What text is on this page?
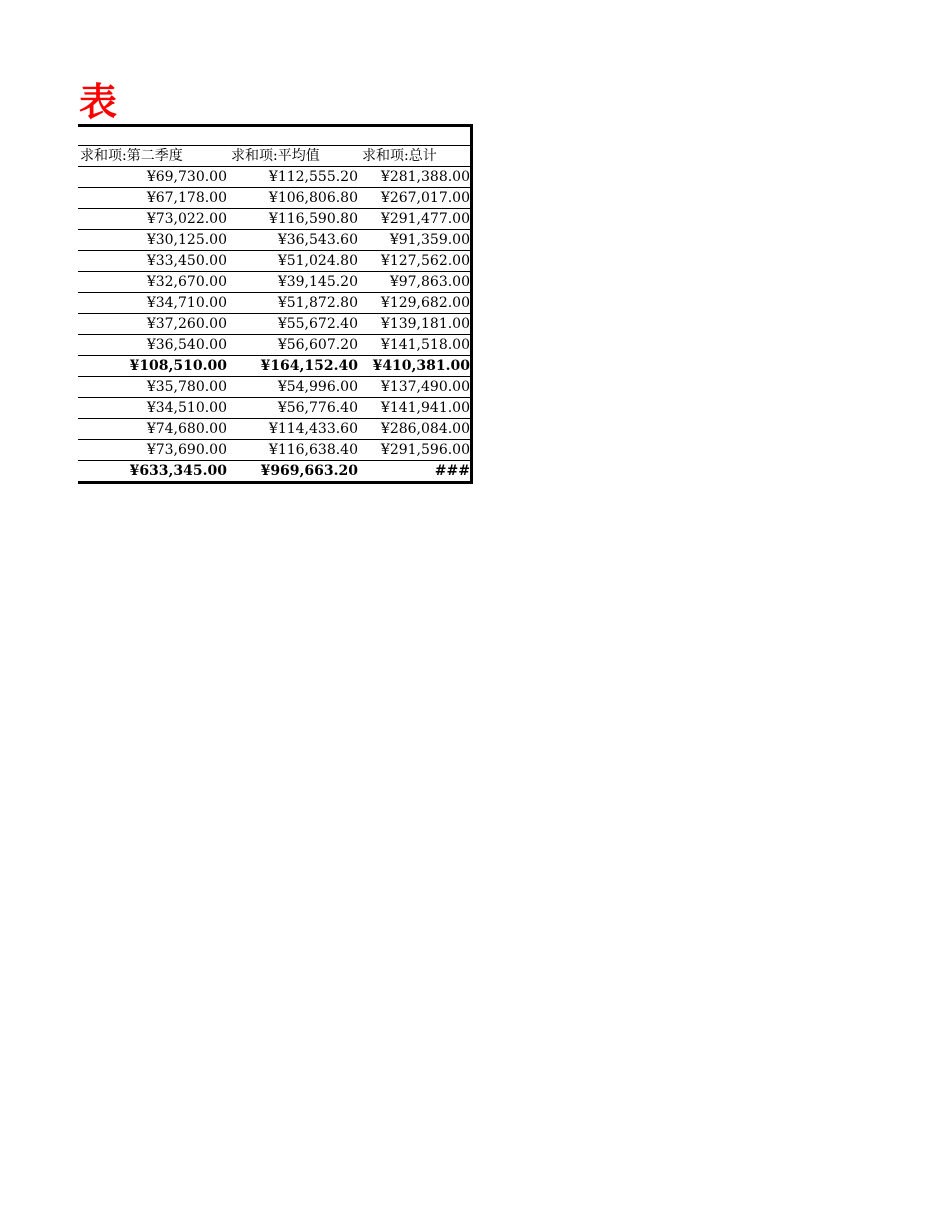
表

求和项:第二季度	求和项:平均值	求和项:总计
¥69,730.00	¥112,555.20	¥281,388.00
¥67,178.00	¥106,806.80	¥267,017.00
¥73,022.00	¥116,590.80	¥291,477.00
¥30,125.00	¥36,543.60	¥91,359.00
¥33,450.00	¥51,024.80	¥127,562.00
¥32,670.00	¥39,145.20	¥97,863.00
¥34,710.00	¥51,872.80	¥129,682.00
¥37,260.00	¥55,672.40	¥139,181.00
¥36,540.00	¥56,607.20	¥141,518.00
¥108,510.00	¥164,152.40	¥410,381.00
¥35,780.00	¥54,996.00	¥137,490.00
¥34,510.00	¥56,776.40	¥141,941.00
¥74,680.00	¥114,433.60	¥286,084.00
¥73,690.00	¥116,638.40	¥291,596.00
¥633,345.00	¥969,663.20	###
